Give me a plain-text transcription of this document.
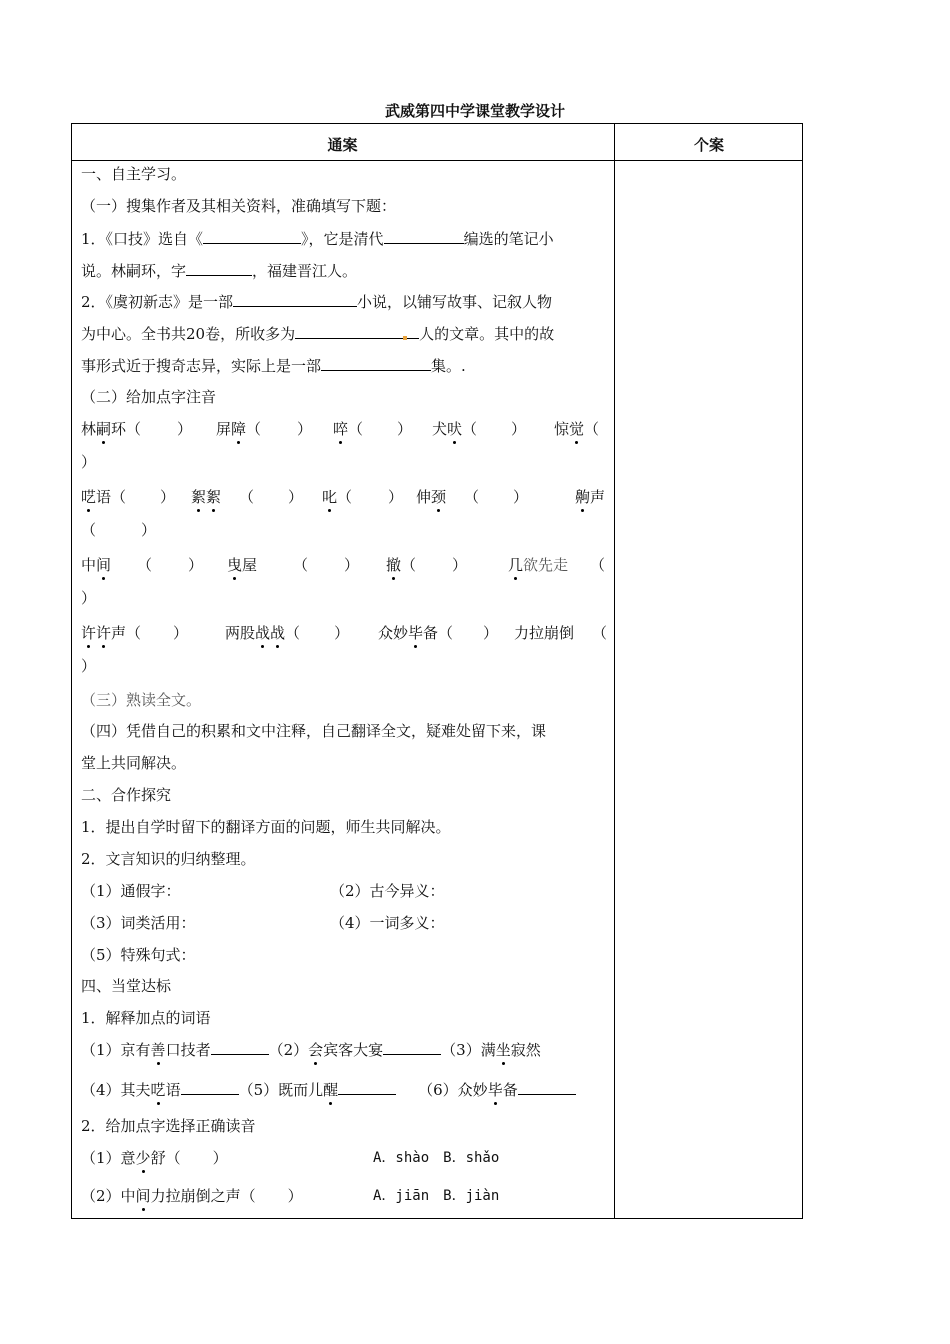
武威第四中学课堂教学设计
通案	个案
一、自主学习。
（一）搜集作者及其相关资料，准确填写下题：
1．《口技》选自《	》，它是清代	编选的笔记小
说。林嗣环，字	，福建晋江人。
2．《虞初新志》是一部	小说，以铺写故事、记叙人物
为中心。全书共20卷，所收多为	人的文章。其中的故
事形式近于搜奇志异，实际上是一部	集。.
（二）给加点字注音
林嗣环（ ） 屏障（ ） 啐（ ） 犬吠（ ） 惊觉（
）
呓语（ ） 絮絮 （ ） 叱（ ） 伸颈 （ ）	齁声
（　　　）
中间 （ ） 曳屋 （ ） 撤（ ）	几欲先走 （
）
许许声（ ） 两股战战（ ） 众妙毕备（ ） 力拉崩倒 （
）
（三）熟读全文。
（四）凭借自己的积累和文中注释，自己翻译全文，疑难处留下来，课
堂上共同解决。
二、合作探究
1．提出自学时留下的翻译方面的问题，师生共同解决。
2．文言知识的归纳整理。
（1）通假字：	（2）古今异义：
（3）词类活用：	（4）一词多义：
（5）特殊句式：
四、当堂达标
1．解释加点的词语
（1）京有善口技者	（2）会宾客大宴	（3）满坐寂然
（4）其夫呓语	（5）既而儿醒	（6）众妙毕备
2．给加点字选择正确读音
（1）意少舒（ ）	A．shào　B．shǎo
（2）中间力拉崩倒之声（ ）	A．jiān　B．jiàn
